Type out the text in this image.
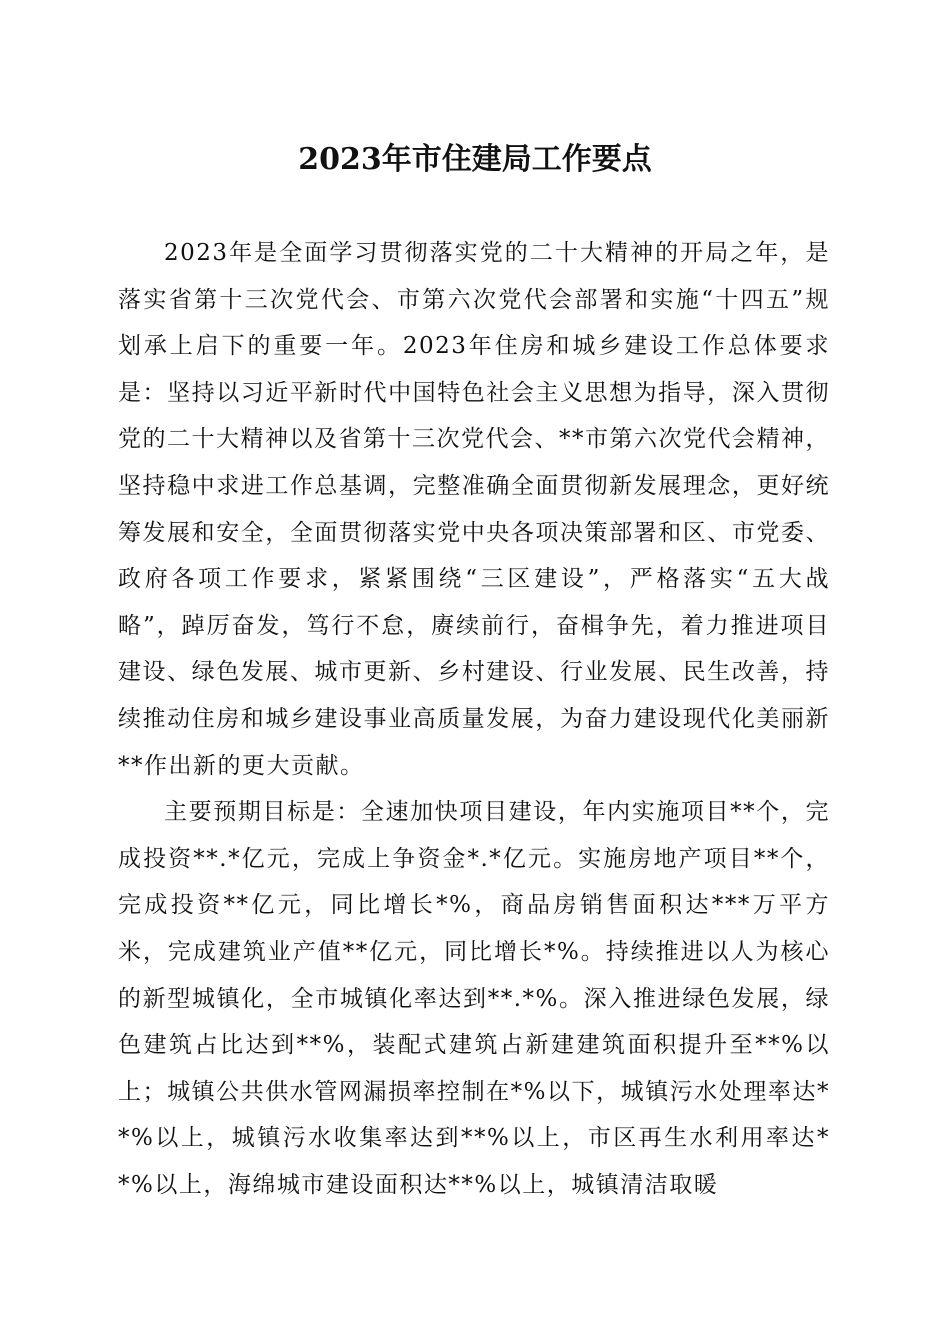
2023年市住建局工作要点

2023年是全面学习贯彻落实党的二十大精神的开局之年，是落实省第十三次党代会、市第六次党代会部署和实施“十四五”规划承上启下的重要一年。2023年住房和城乡建设工作总体要求是：坚持以习近平新时代中国特色社会主义思想为指导，深入贯彻党的二十大精神以及省第十三次党代会、**市第六次党代会精神，坚持稳中求进工作总基调，完整准确全面贯彻新发展理念，更好统筹发展和安全，全面贯彻落实党中央各项决策部署和区、市党委、政府各项工作要求，紧紧围绕“三区建设”，严格落实“五大战略”，踔厉奋发，笃行不怠，赓续前行，奋楫争先，着力推进项目建设、绿色发展、城市更新、乡村建设、行业发展、民生改善，持续推动住房和城乡建设事业高质量发展，为奋力建设现代化美丽新**作出新的更大贡献。

主要预期目标是：全速加快项目建设，年内实施项目**个，完成投资**.*亿元，完成上争资金*.*亿元。实施房地产项目**个，完成投资**亿元，同比增长*%，商品房销售面积达***万平方米，完成建筑业产值**亿元，同比增长*%。持续推进以人为核心的新型城镇化，全市城镇化率达到**.*%。深入推进绿色发展，绿色建筑占比达到**%，装配式建筑占新建建筑面积提升至**%以上；城镇公共供水管网漏损率控制在*%以下，城镇污水处理率达**%以上，城镇污水收集率达到**%以上，市区再生水利用率达**%以上，海绵城市建设面积达**%以上，城镇清洁取暖
